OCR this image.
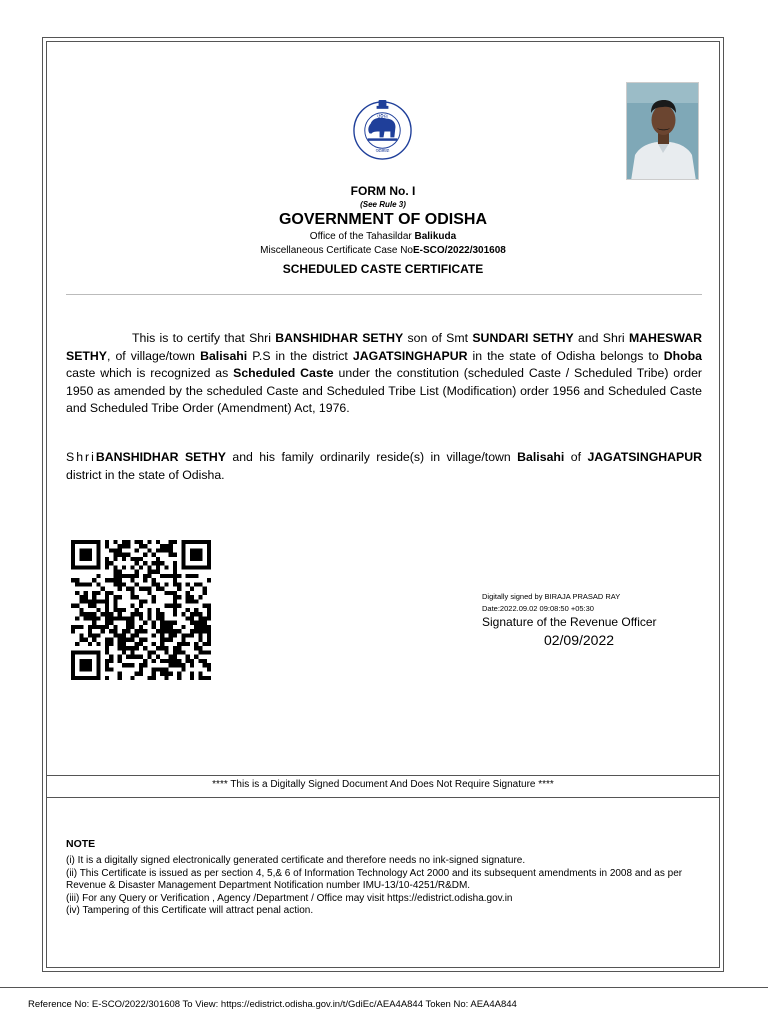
ଓଡ଼ିଶା
ସରକାର
FORM No. I
(See Rule 3)
GOVERNMENT OF ODISHA
Office of the Tahasildar Balikuda
Miscellaneous Certificate Case NoE-SCO/2022/301608
SCHEDULED CASTE CERTIFICATE
This is to certify that Shri BANSHIDHAR SETHY son of Smt SUNDARI SETHY and Shri MAHESWAR SETHY, of village/town Balisahi P.S in the district JAGATSINGHAPUR in the state of Odisha belongs to Dhoba caste which is recognized as Scheduled Caste under the constitution (scheduled Caste / Scheduled Tribe) order 1950 as amended by the scheduled Caste and Scheduled Tribe List (Modification) order 1956 and Scheduled Caste and Scheduled Tribe Order (Amendment) Act, 1976.
ShriBANSHIDHAR SETHY and his family ordinarily reside(s) in village/town Balisahi of JAGATSINGHAPUR district in the state of Odisha.
Digitally signed by BIRAJA PRASAD RAY
Date:2022.09.02 09:08:50 +05:30
Signature of the Revenue Officer
02/09/2022
**** This is a Digitally Signed Document And Does Not Require Signature ****
NOTE
(i) It is a digitally signed electronically generated certificate and therefore needs no ink-signed signature.
(ii) This Certificate is issued as per section 4, 5,& 6 of Information Technology Act 2000 and its subsequent amendments in 2008 and as per Revenue & Disaster Management Department Notification number IMU-13/10-4251/R&DM.
(iii) For any Query or Verification , Agency /Department / Office may visit https://edistrict.odisha.gov.in
(iv) Tampering of this Certificate will attract penal action.
Reference No: E-SCO/2022/301608 To View: https://edistrict.odisha.gov.in/t/GdiEc/AEA4A844 Token No: AEA4A844
